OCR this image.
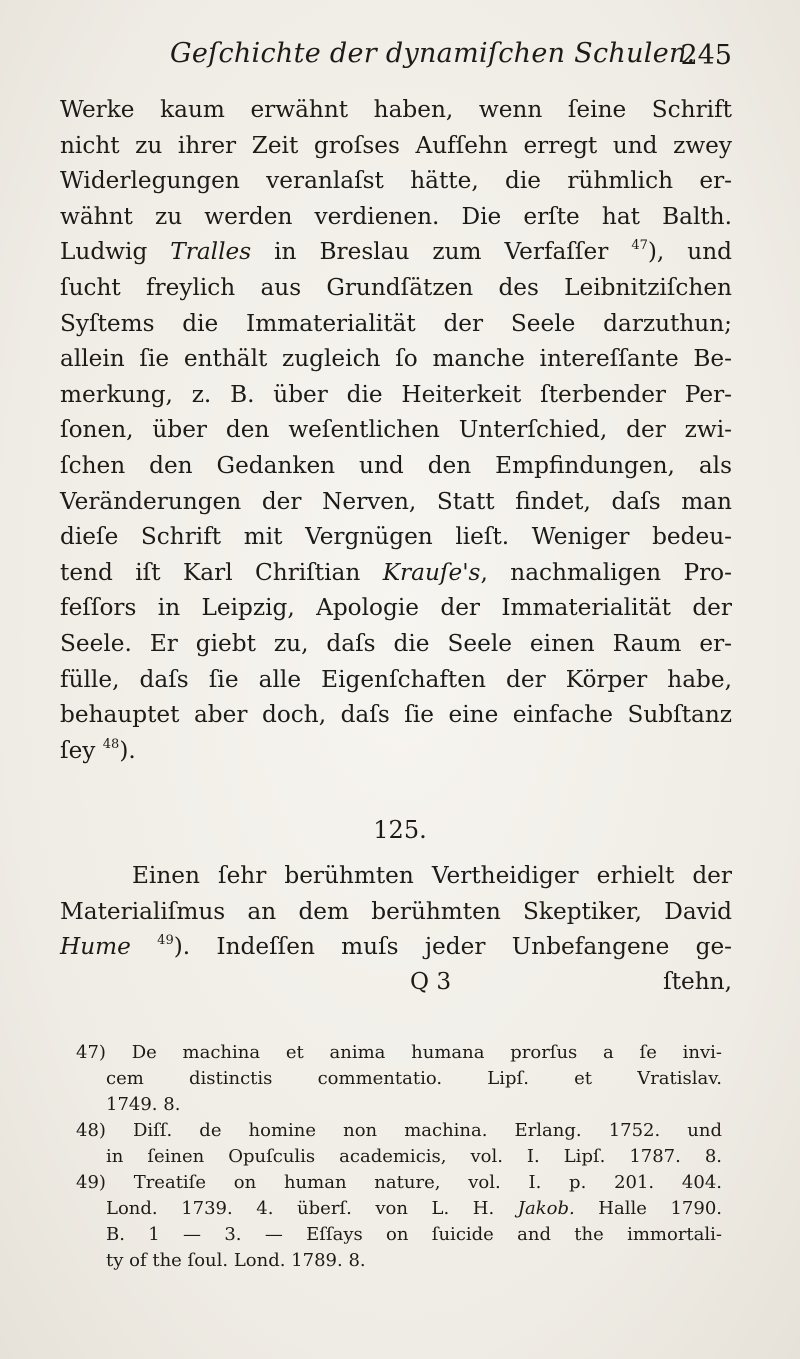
Geſchichte der dynamiſchen Schulen.
245
Werke kaum erwähnt haben, wenn ſeine Schrift
nicht zu ihrer Zeit groſses Aufſehn erregt und zwey
Widerlegungen veranlaſst hätte, die rühmlich er-
wähnt zu werden verdienen. Die erſte hat Balth.
Ludwig Tralles in Breslau zum Verfaſſer $^{47}$), und
ſucht freylich aus Grundſätzen des Leibnitziſchen
Syſtems die Immaterialität der Seele darzuthun;
allein ſie enthält zugleich ſo manche intereſſante Be-
merkung, z. B. über die Heiterkeit ſterbender Per-
ſonen, über den weſentlichen Unterſchied, der zwi-
ſchen den Gedanken und den Empfindungen, als
Veränderungen der Nerven, Statt findet, daſs man
dieſe Schrift mit Vergnügen lieſt. Weniger bedeu-
tend iſt Karl Chriſtian Krauſe's, nachmaligen Pro-
feſſors in Leipzig, Apologie der Immaterialität der
Seele. Er giebt zu, daſs die Seele einen Raum er-
fülle, daſs ſie alle Eigenſchaften der Körper habe,
behauptet aber doch, daſs ſie eine einfache Subſtanz
ſey $^{48}$).
125.
Einen ſehr berühmten Vertheidiger erhielt der
Materialiſmus an dem berühmten Skeptiker, David
Hume $^{49}$). Indeſſen muſs jeder Unbefangene ge-
Q 3	ſtehn,
47) De machina et anima humana prorſus a ſe invi-
cem distinctis commentatio. Lipſ. et Vratislav.
1749. 8.
48) Diſſ. de homine non machina. Erlang. 1752. und
in ſeinen Opuſculis academicis, vol. I. Lipſ. 1787. 8.
49) Treatiſe on human nature, vol. I. p. 201. 404.
Lond. 1739. 4. überſ. von L. H. Jakob. Halle 1790.
B. 1 — 3. — Eſſays on ſuicide and the immortali-
ty of the ſoul. Lond. 1789. 8.
